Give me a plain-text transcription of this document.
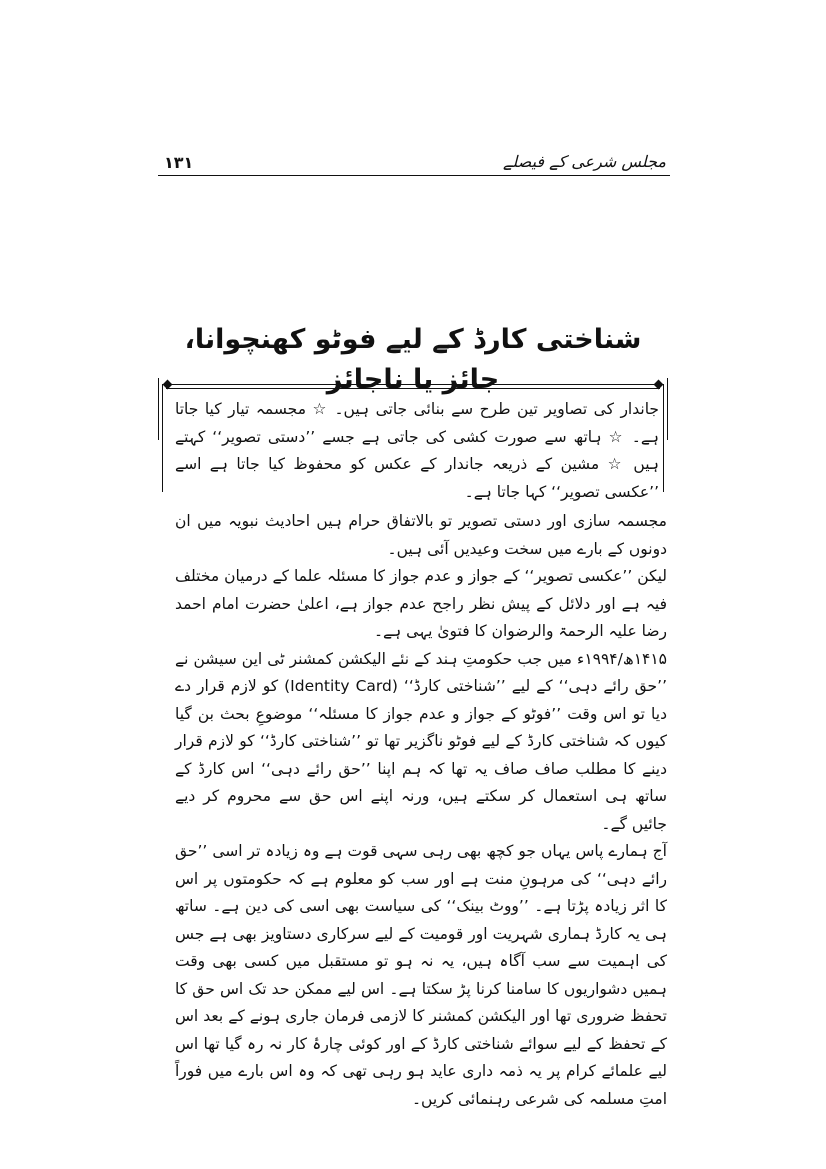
۱۳۱	مجلس شرعی کے فیصلے
شناختی کارڈ کے لیے فوٹو کھنچوانا، جائز یا ناجائز

جاندار کی تصاویر تین طرح سے بنائی جاتی ہیں۔ ☆ مجسمہ تیار کیا جاتا ہے۔ ☆ ہاتھ سے صورت کشی کی جاتی ہے جسے ’’دستی تصویر‘‘ کہتے ہیں ☆ مشین کے ذریعہ جاندار کے عکس کو محفوظ کیا جاتا ہے اسے ’’عکسی تصویر‘‘ کہا جاتا ہے۔

مجسمہ سازی اور دستی تصویر تو بالاتفاق حرام ہیں احادیث نبویہ میں ان دونوں کے بارے میں سخت وعیدیں آئی ہیں۔

لیکن ’’عکسی تصویر‘‘ کے جواز و عدم جواز کا مسئلہ علما کے درمیان مختلف فیہ ہے اور دلائل کے پیش نظر راجح عدم جواز ہے، اعلیٰ حضرت امام احمد رضا علیہ الرحمۃ والرضوان کا فتویٰ یہی ہے۔

۱۴۱۵ھ/۱۹۹۴ء میں جب حکومتِ ہند کے نئے الیکشن کمشنر ٹی این سیشن نے ’’حق رائے دہی‘‘ کے لیے ’’شناختی کارڈ‘‘ (Identity Card) کو لازم قرار دے دیا تو اس وقت ’’فوٹو کے جواز و عدم جواز کا مسئلہ‘‘ موضوعِ بحث بن گیا کیوں کہ شناختی کارڈ کے لیے فوٹو ناگزیر تھا تو ’’شناختی کارڈ‘‘ کو لازم قرار دینے کا مطلب صاف صاف یہ تھا کہ ہم اپنا ’’حق رائے دہی‘‘ اس کارڈ کے ساتھ ہی استعمال کر سکتے ہیں، ورنہ اپنے اس حق سے محروم کر دیے جائیں گے۔

آج ہمارے پاس یہاں جو کچھ بھی رہی سہی قوت ہے وہ زیادہ تر اسی ’’حق رائے دہی‘‘ کی مرہونِ منت ہے اور سب کو معلوم ہے کہ حکومتوں پر اس کا اثر زیادہ پڑتا ہے۔ ’’ووٹ بینک‘‘ کی سیاست بھی اسی کی دین ہے۔ ساتھ ہی یہ کارڈ ہماری شہریت اور قومیت کے لیے سرکاری دستاویز بھی ہے جس کی اہمیت سے سب آگاہ ہیں، یہ نہ ہو تو مستقبل میں کسی بھی وقت ہمیں دشواریوں کا سامنا کرنا پڑ سکتا ہے۔ اس لیے ممکن حد تک اس حق کا تحفظ ضروری تھا اور الیکشن کمشنر کا لازمی فرمان جاری ہونے کے بعد اس کے تحفظ کے لیے سوائے شناختی کارڈ کے اور کوئی چارۂ کار نہ رہ گیا تھا اس لیے علمائے کرام پر یہ ذمہ داری عاید ہو رہی تھی کہ وہ اس بارے میں فوراً امتِ مسلمہ کی شرعی رہنمائی کریں۔
